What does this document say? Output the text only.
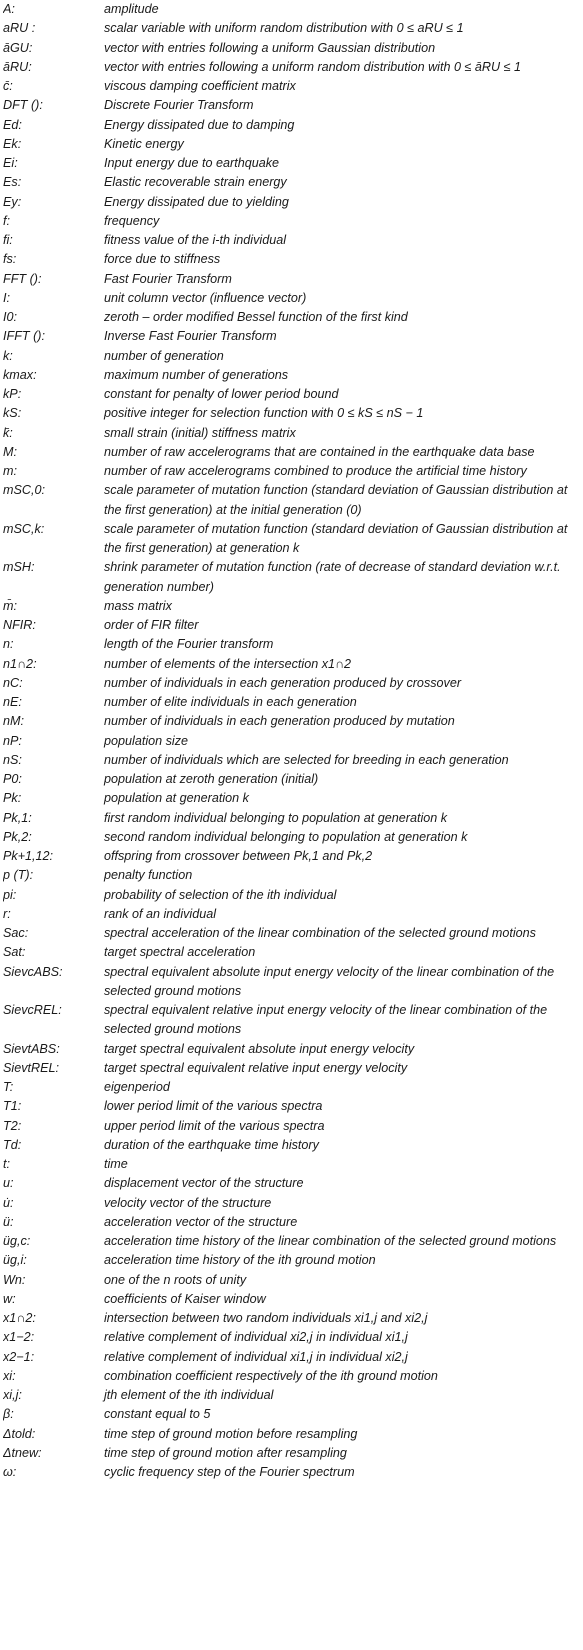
A:	amplitude
aRU :	scalar variable with uniform random distribution with 0 ≤ aRU ≤ 1
āGU:	vector with entries following a uniform Gaussian distribution
āRU:	vector with entries following a uniform random distribution with 0 ≤ āRU ≤ 1
c̄:	viscous damping coefficient matrix
DFT ():	Discrete Fourier Transform
Ed:	Energy dissipated due to damping
Ek:	Kinetic energy
Ei:	Input energy due to earthquake
Es:	Elastic recoverable strain energy
Ey:	Energy dissipated due to yielding
f:	frequency
fi:	fitness value of the i-th individual
fs:	force due to stiffness
FFT ():	Fast Fourier Transform
I:	unit column vector (influence vector)
I0:	zeroth – order modified Bessel function of the first kind
IFFT ():	Inverse Fast Fourier Transform
k:	number of generation
kmax:	maximum number of generations
kP:	constant for penalty of lower period bound
kS:	positive integer for selection function with 0 ≤ kS ≤ nS − 1
k̄:	small strain (initial) stiffness matrix
M:	number of raw accelerograms that are contained in the earthquake data base
m:	number of raw accelerograms combined to produce the artificial time history
mSC,0:	scale parameter of mutation function (standard deviation of Gaussian distribution at the first generation) at the initial generation (0)
mSC,k:	scale parameter of mutation function (standard deviation of Gaussian distribution at the first generation) at generation k
mSH:	shrink parameter of mutation function (rate of decrease of standard deviation w.r.t. generation number)
m̄:	mass matrix
NFIR:	order of FIR filter
n:	length of the Fourier transform
n1∩2:	number of elements of the intersection x1∩2
nC:	number of individuals in each generation produced by crossover
nE:	number of elite individuals in each generation
nM:	number of individuals in each generation produced by mutation
nP:	population size
nS:	number of individuals which are selected for breeding in each generation
P0:	population at zeroth generation (initial)
Pk:	population at generation k
Pk,1:	first random individual belonging to population at generation k
Pk,2:	second random individual belonging to population at generation k
Pk+1,12:	offspring from crossover between Pk,1 and Pk,2
p (T):	penalty function
pi:	probability of selection of the ith individual
r:	rank of an individual
Sac:	spectral acceleration of the linear combination of the selected ground motions
Sat:	target spectral acceleration
SievcABS:	spectral equivalent absolute input energy velocity of the linear combination of the selected ground motions
SievcREL:	spectral equivalent relative input energy velocity of the linear combination of the selected ground motions
SievtABS:	target spectral equivalent absolute input energy velocity
SievtREL:	target spectral equivalent relative input energy velocity
T:	eigenperiod
T1:	lower period limit of the various spectra
T2:	upper period limit of the various spectra
Td:	duration of the earthquake time history
t:	time
u:	displacement vector of the structure
u̇:	velocity vector of the structure
ü:	acceleration vector of the structure
üg,c:	acceleration time history of the linear combination of the selected ground motions
üg,i:	acceleration time history of the ith ground motion
Wn:	one of the n roots of unity
w:	coefficients of Kaiser window
x1∩2:	intersection between two random individuals xi1,j and xi2,j
x1−2:	relative complement of individual xi2,j in individual xi1,j
x2−1:	relative complement of individual xi1,j in individual xi2,j
xi:	combination coefficient respectively of the ith ground motion
xi,j:	jth element of the ith individual
β:	constant equal to 5
Δtold:	time step of ground motion before resampling
Δtnew:	time step of ground motion after resampling
ω:	cyclic frequency step of the Fourier spectrum
